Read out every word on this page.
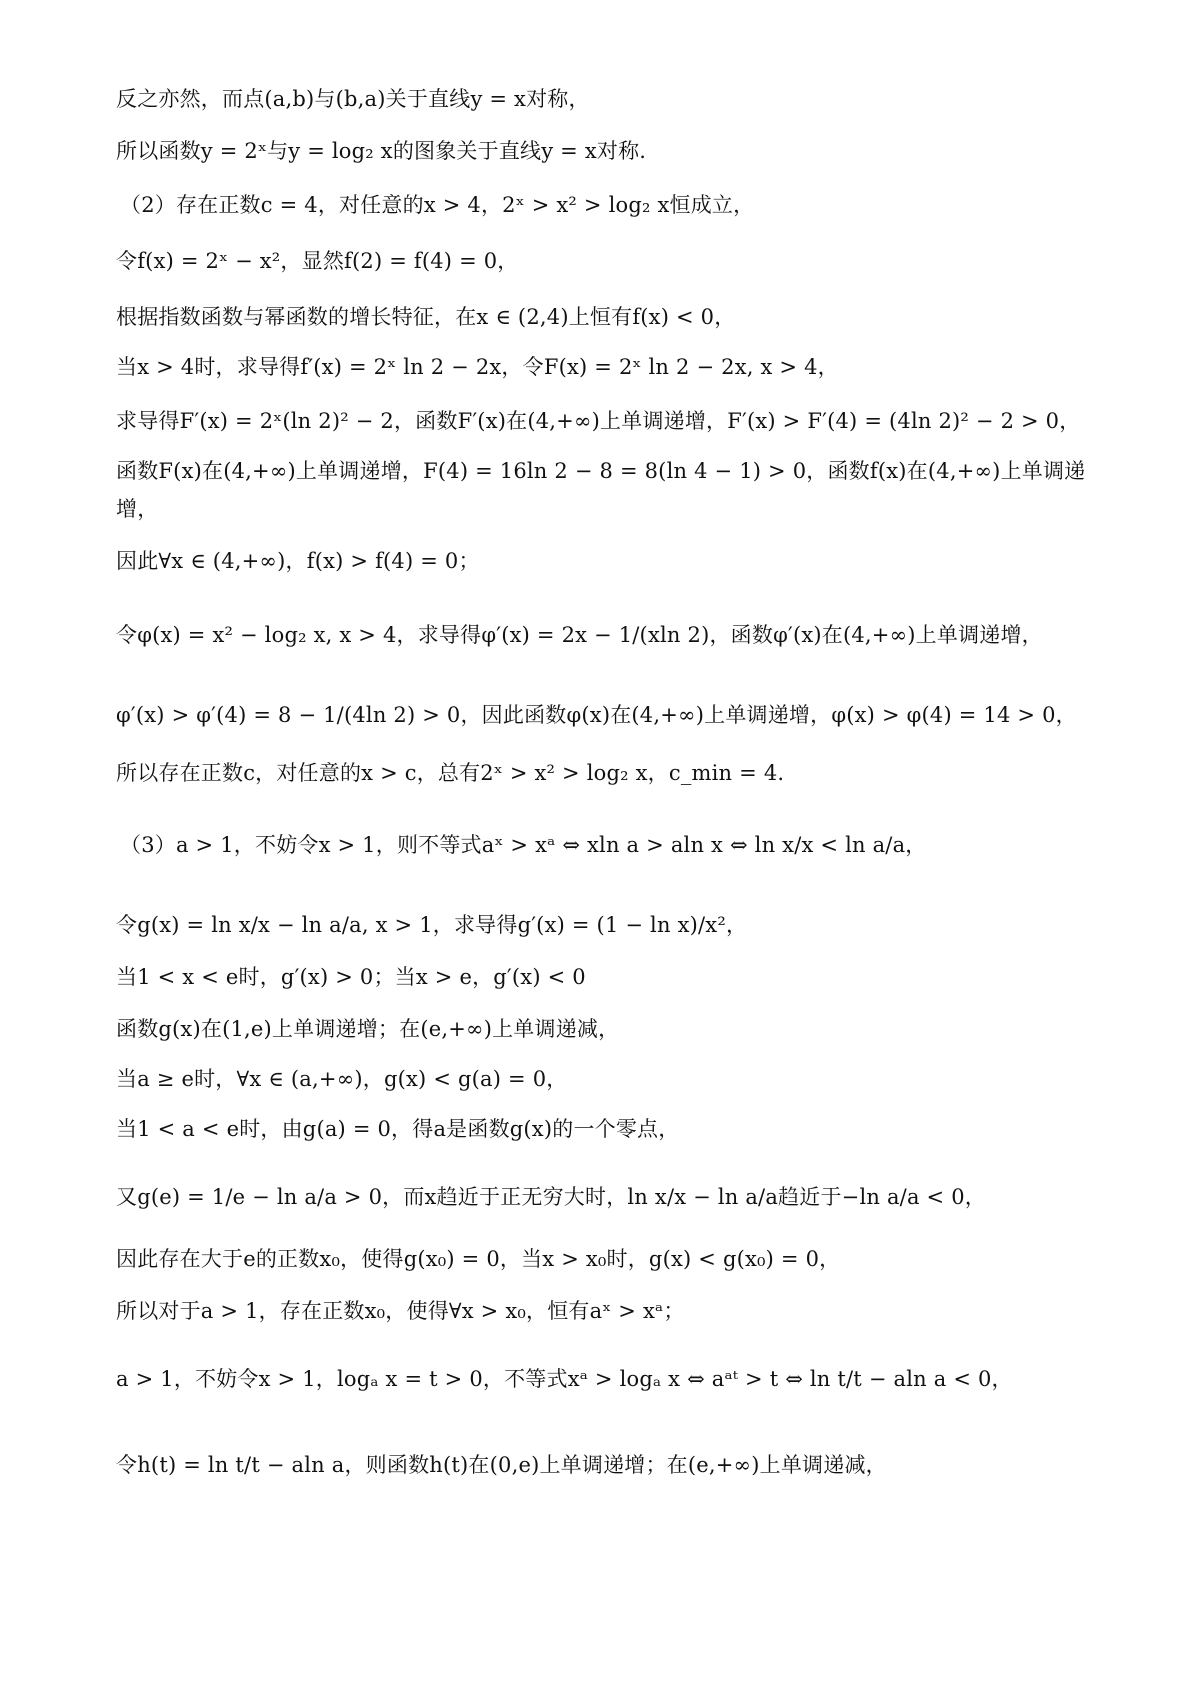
反之亦然，而点(a,b)与(b,a)关于直线y = x对称，
所以函数y = 2ˣ与y = log₂ x的图象关于直线y = x对称.
（2）存在正数c = 4，对任意的x > 4，2ˣ > x² > log₂ x恒成立，
令f(x) = 2ˣ − x²，显然f(2) = f(4) = 0，
根据指数函数与幂函数的增长特征，在x ∈ (2,4)上恒有f(x) < 0，
当x > 4时，求导得f′(x) = 2ˣ ln 2 − 2x，令F(x) = 2ˣ ln 2 − 2x, x > 4，
求导得F′(x) = 2ˣ(ln 2)² − 2，函数F′(x)在(4,+∞)上单调递增，F′(x) > F′(4) = (4ln 2)² − 2 > 0，
函数F(x)在(4,+∞)上单调递增，F(4) = 16ln 2 − 8 = 8(ln 4 − 1) > 0，函数f(x)在(4,+∞)上单调递
增，
因此∀x ∈ (4,+∞)，f(x) > f(4) = 0；
令φ(x) = x² − log₂ x, x > 4，求导得φ′(x) = 2x − 1/(xln 2)，函数φ′(x)在(4,+∞)上单调递增，
φ′(x) > φ′(4) = 8 − 1/(4ln 2) > 0，因此函数φ(x)在(4,+∞)上单调递增，φ(x) > φ(4) = 14 > 0，
所以存在正数c，对任意的x > c，总有2ˣ > x² > log₂ x，c_min = 4.
（3）a > 1，不妨令x > 1，则不等式aˣ > xᵃ ⇔ xln a > aln x ⇔ ln x/x < ln a/a，
令g(x) = ln x/x − ln a/a, x > 1，求导得g′(x) = (1 − ln x)/x²，
当1 < x < e时，g′(x) > 0；当x > e，g′(x) < 0
函数g(x)在(1,e)上单调递增；在(e,+∞)上单调递减，
当a ≥ e时，∀x ∈ (a,+∞)，g(x) < g(a) = 0，
当1 < a < e时，由g(a) = 0，得a是函数g(x)的一个零点，
又g(e) = 1/e − ln a/a > 0，而x趋近于正无穷大时，ln x/x − ln a/a趋近于−ln a/a < 0，
因此存在大于e的正数x₀，使得g(x₀) = 0，当x > x₀时，g(x) < g(x₀) = 0，
所以对于a > 1，存在正数x₀，使得∀x > x₀，恒有aˣ > xᵃ；
a > 1，不妨令x > 1，logₐ x = t > 0，不等式xᵃ > logₐ x ⇔ aᵃᵗ > t ⇔ ln t/t − aln a < 0，
令h(t) = ln t/t − aln a，则函数h(t)在(0,e)上单调递增；在(e,+∞)上单调递减，
